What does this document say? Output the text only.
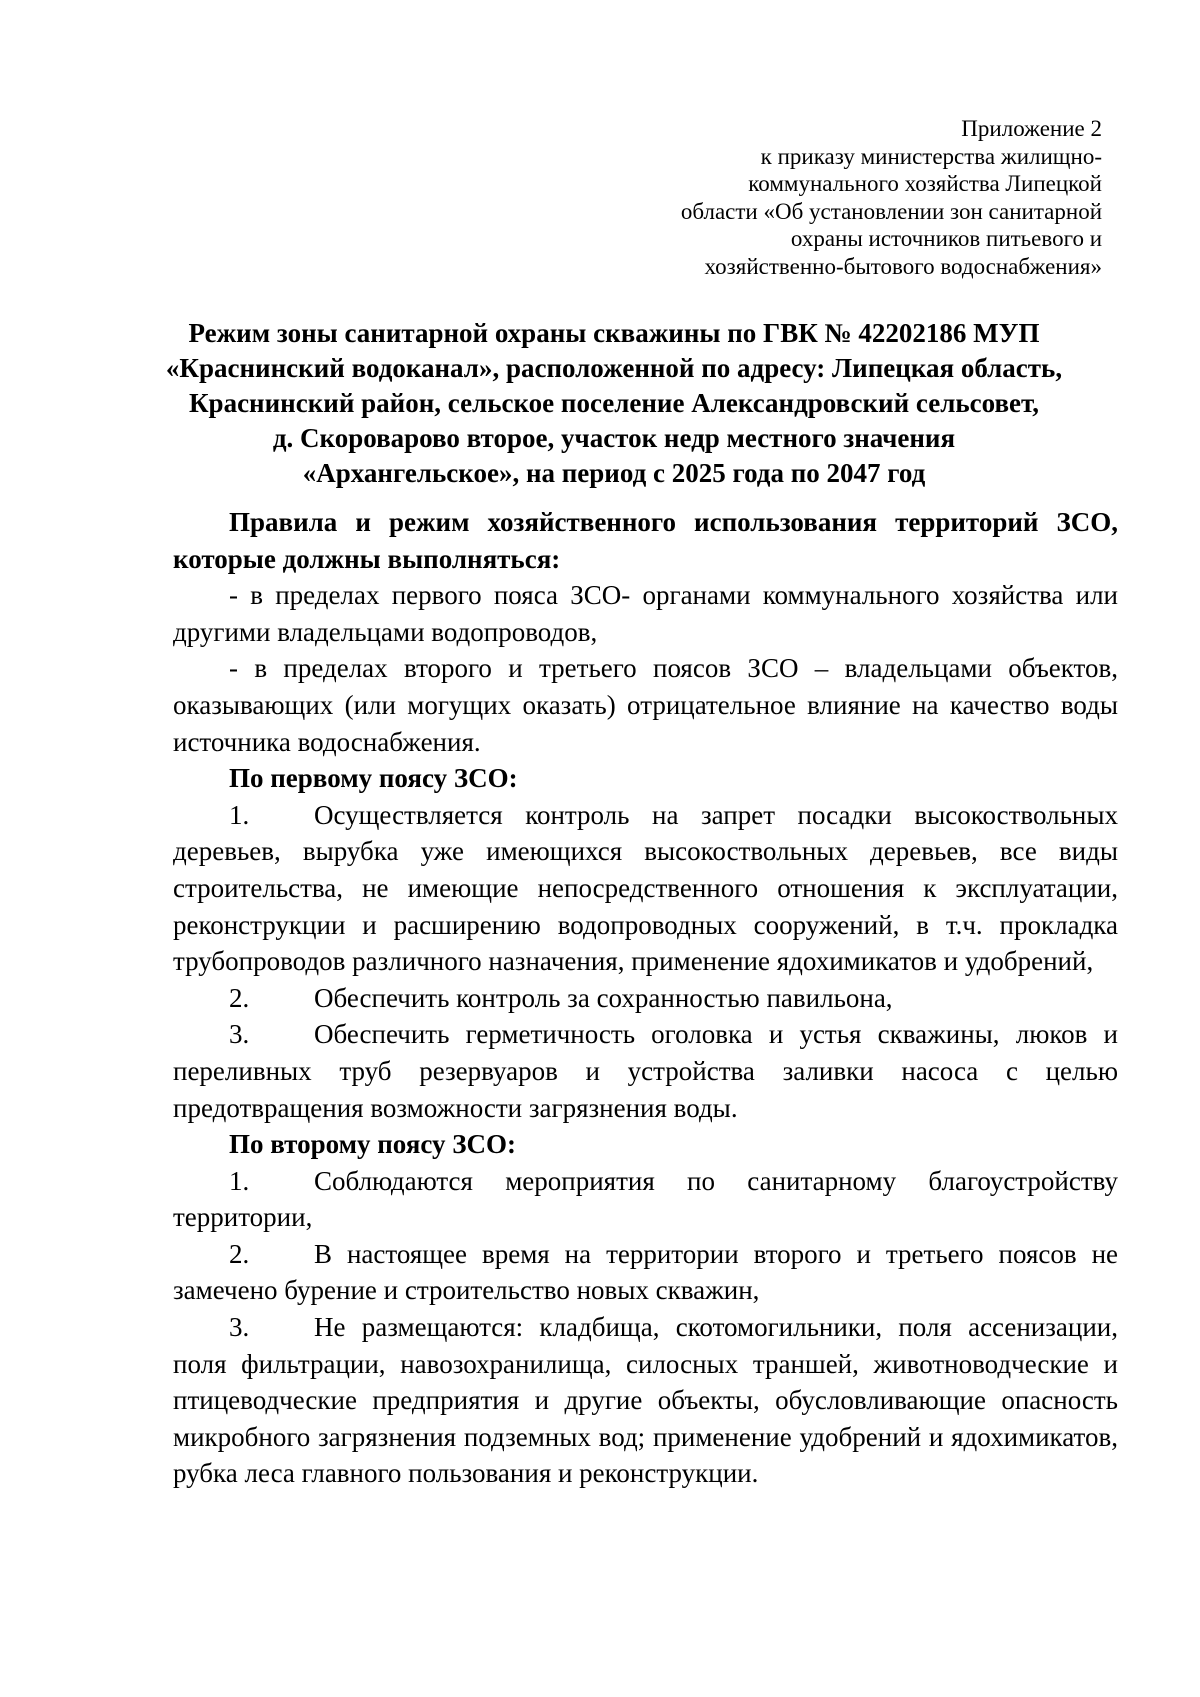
Приложение 2
к приказу министерства жилищно-
коммунального хозяйства Липецкой
области «Об установлении зон санитарной
охраны источников питьевого и
хозяйственно-бытового водоснабжения»
Режим зоны санитарной охраны скважины по ГВК № 42202186 МУП
«Краснинский водоканал», расположенной по адресу: Липецкая область,
Краснинский район, сельское поселение Александровский сельсовет,
д. Скороварово второе, участок недр местного значения
«Архангельское», на период с 2025 года по 2047 год

Правила и режим хозяйственного использования территорий ЗСО, которые должны выполняться:

- в пределах первого пояса ЗСО- органами коммунального хозяйства или другими владельцами водопроводов,

- в пределах второго и третьего поясов ЗСО – владельцами объектов, оказывающих (или могущих оказать) отрицательное влияние на качество воды источника водоснабжения.

По первому поясу ЗСО:

1. Осуществляется контроль на запрет посадки высокоствольных деревьев, вырубка уже имеющихся высокоствольных деревьев, все виды строительства, не имеющие непосредственного отношения к эксплуатации, реконструкции и расширению водопроводных сооружений, в т.ч. прокладка трубопроводов различного назначения, применение ядохимикатов и удобрений,

2. Обеспечить контроль за сохранностью павильона,

3. Обеспечить герметичность оголовка и устья скважины, люков и переливных труб резервуаров и устройства заливки насоса с целью предотвращения возможности загрязнения воды.

По второму поясу ЗСО:

1. Соблюдаются мероприятия по санитарному благоустройству территории,

2. В настоящее время на территории второго и третьего поясов не замечено бурение и строительство новых скважин,

3. Не размещаются: кладбища, скотомогильники, поля ассенизации, поля фильтрации, навозохранилища, силосных траншей, животноводческие и птицеводческие предприятия и другие объекты, обусловливающие опасность микробного загрязнения подземных вод; применение удобрений и ядохимикатов, рубка леса главного пользования и реконструкции.
